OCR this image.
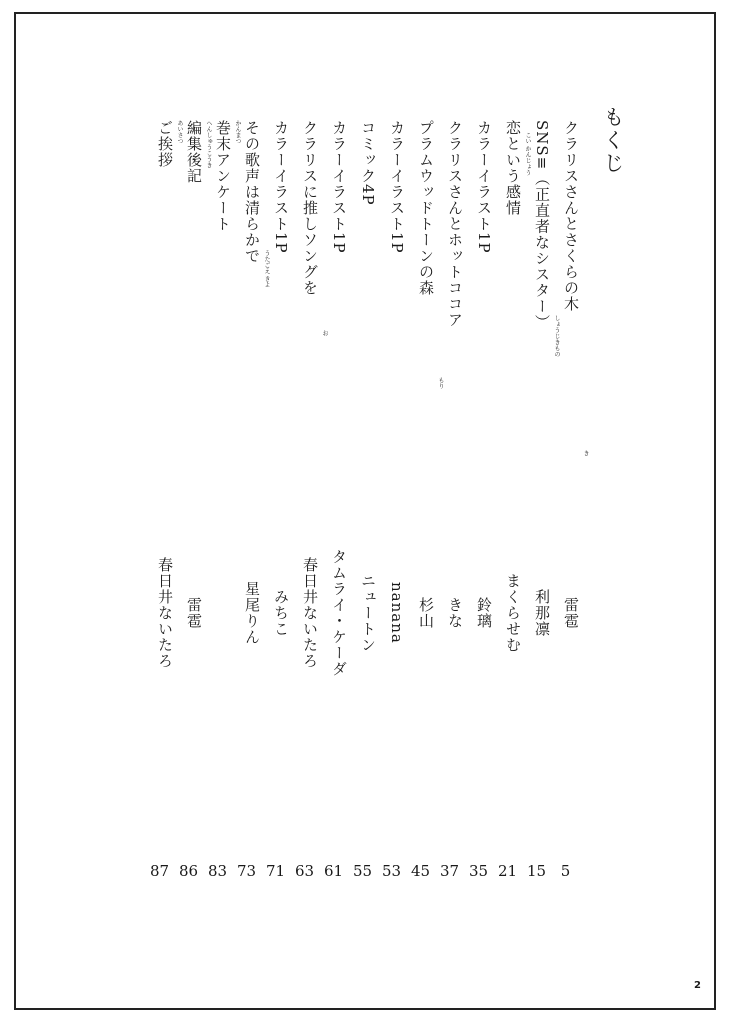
もくじ
クラリスさんとさくらの木
き
雷雹
5
SNS≡（正直者なシスター）
しょうじきもの
利那凛
15
恋という感情 こい かんじょう
まくらせむ
21
カラーイラスト1P
鈴璃
35
クラリスさんとホットココア
きな
37
プラムウッドトーンの森
もり
杉山
45
カラーイラスト1P
nanana
53
コミック4P
ニュートン
55
カラーイラスト1P
タムライ・ケーダ
61
クラリスに推しソングを
お
春日井ないたろ
63
カラーイラスト1P
みちこ
71
その歌声は清らかで
うたごえ きよ
星尾りん
73
巻末アンケート かんまつ
83
編集後記 へんしゅうこうき
雷雹
86
ご挨拶 あいさつ
春日井ないたろ
87
2
